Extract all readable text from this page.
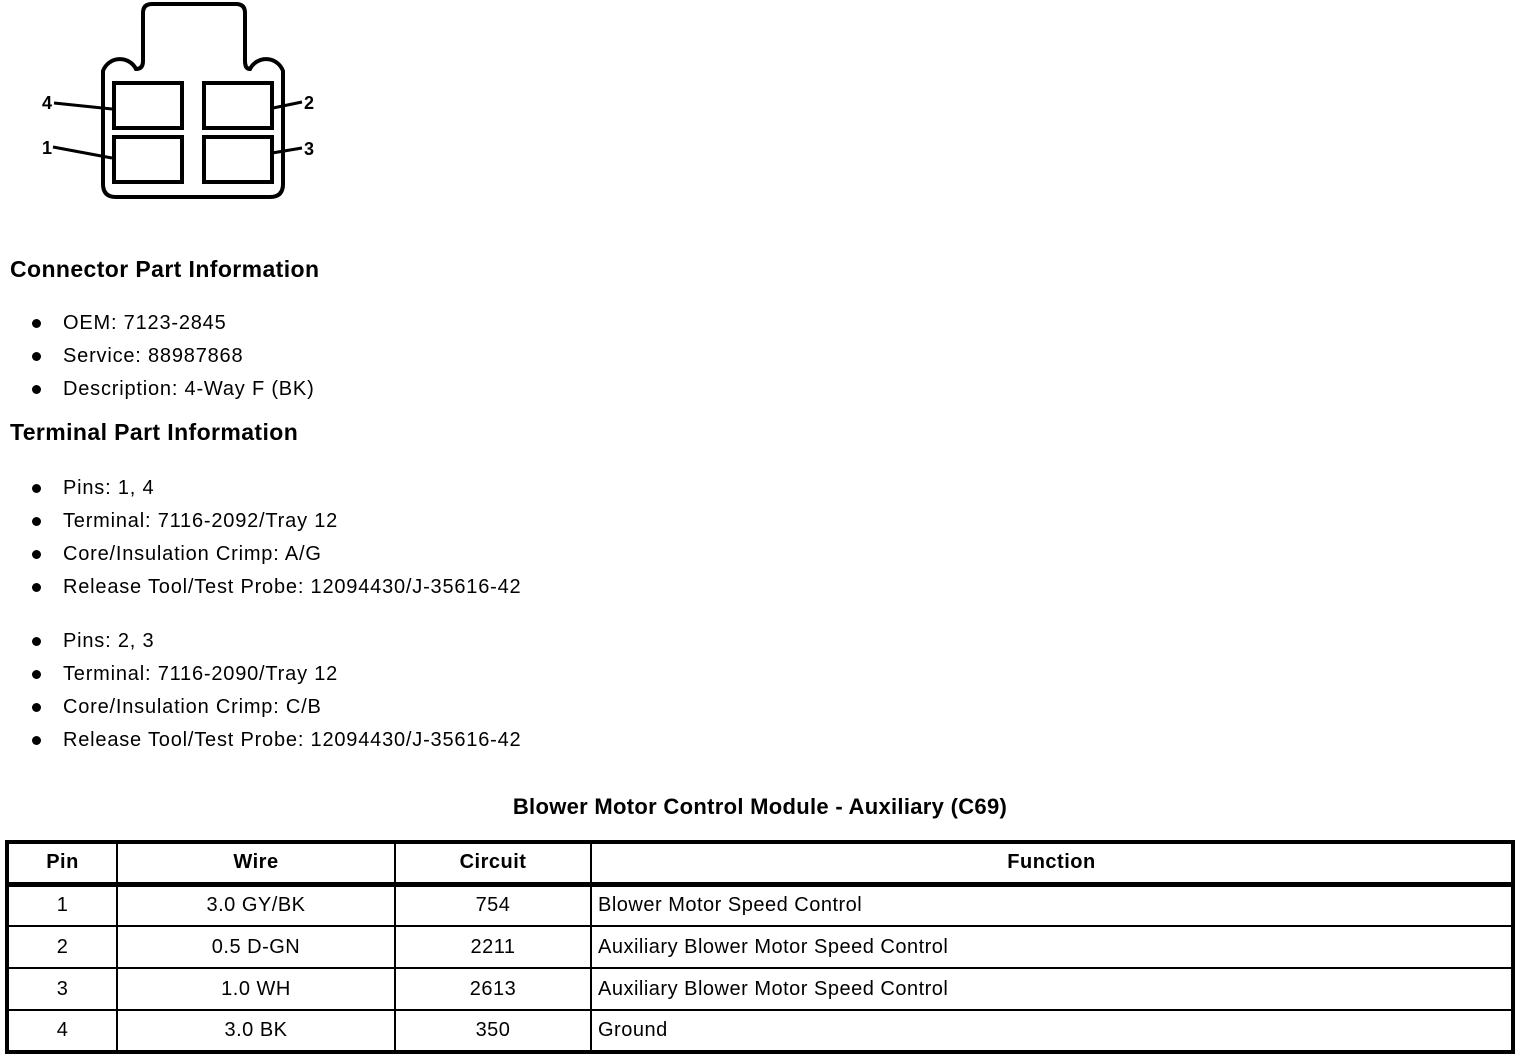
4
1
2
3
Connector Part Information
OEM: 7123-2845
Service: 88987868
Description: 4-Way F (BK)
Terminal Part Information
Pins: 1, 4
Terminal: 7116-2092/Tray 12
Core/Insulation Crimp: A/G
Release Tool/Test Probe: 12094430/J-35616-42
Pins: 2, 3
Terminal: 7116-2090/Tray 12
Core/Insulation Crimp: C/B
Release Tool/Test Probe: 12094430/J-35616-42
Blower Motor Control Module - Auxiliary (C69)
Pin	Wire	Circuit	Function
1	3.0 GY/BK	754	Blower Motor Speed Control
2	0.5 D-GN	2211	Auxiliary Blower Motor Speed Control
3	1.0 WH	2613	Auxiliary Blower Motor Speed Control
4	3.0 BK	350	Ground
